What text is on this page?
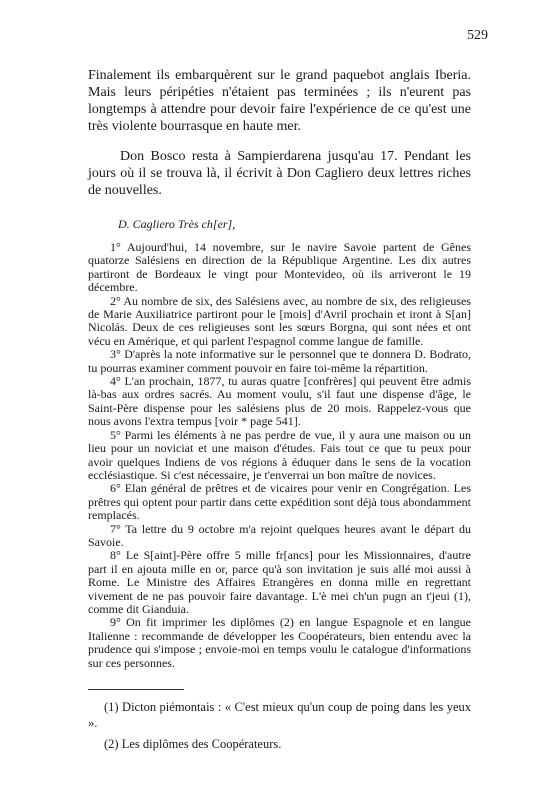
529

Finalement ils embarquèrent sur le grand paquebot anglais Iberia. Mais leurs péripéties n'étaient pas terminées ; ils n'eurent pas longtemps à attendre pour devoir faire l'expérience de ce qu'est une très violente bourrasque en haute mer.

Don Bosco resta à Sampierdarena jusqu'au 17. Pendant les jours où il se trouva là, il écrivit à Don Cagliero deux lettres riches de nouvelles.

D. Cagliero Très ch[er],

1° Aujourd'hui, 14 novembre, sur le navire Savoie partent de Gênes quatorze Salésiens en direction de la République Argentine. Les dix autres partiront de Bordeaux le vingt pour Montevideo, où ils arriveront le 19 décembre.

2° Au nombre de six, des Salésiens avec, au nombre de six, des religieuses de Marie Auxiliatrice partiront pour le [mois] d'Avril prochain et iront à S[an] Nicolás. Deux de ces religieuses sont les sœurs Borgna, qui sont nées et ont vécu en Amérique, et qui parlent l'espagnol comme langue de famille.

3° D'après la note informative sur le personnel que te donnera D. Bodrato, tu pourras examiner comment pouvoir en faire toi-même la répartition.

4° L'an prochain, 1877, tu auras quatre [confrères] qui peuvent être admis là-bas aux ordres sacrés. Au moment voulu, s'il faut une dispense d'âge, le Saint-Père dispense pour les salésiens plus de 20 mois. Rappelez-vous que nous avons l'extra tempus [voir * page 541].

5° Parmi les éléments à ne pas perdre de vue, il y aura une maison ou un lieu pour un noviciat et une maison d'études. Fais tout ce que tu peux pour avoir quelques Indiens de vos régions à éduquer dans le sens de la vocation ecclésiastique. Si c'est nécessaire, je t'enverrai un bon maître de novices.

6° Elan général de prêtres et de vicaires pour venir en Congrégation. Les prêtres qui optent pour partir dans cette expédition sont déjà tous abondamment remplacés.

7° Ta lettre du 9 octobre m'a rejoint quelques heures avant le départ du Savoie.

8° Le S[aint]-Père offre 5 mille fr[ancs] pour les Missionnaires, d'autre part il en ajouta mille en or, parce qu'à son invitation je suis allé moi aussi à Rome. Le Ministre des Affaires Etrangères en donna mille en regrettant vivement de ne pas pouvoir faire davantage. L'è mei ch'un pugn an t'jeui (1), comme dit Gianduia.

9° On fit imprimer les diplômes (2) en langue Espagnole et en langue Italienne : recommande de développer les Coopérateurs, bien entendu avec la prudence qui s'impose ; envoie-moi en temps voulu le catalogue d'informations sur ces personnes.

(1) Dicton piémontais : « C'est mieux qu'un coup de poing dans les yeux ».

(2) Les diplômes des Coopérateurs.
